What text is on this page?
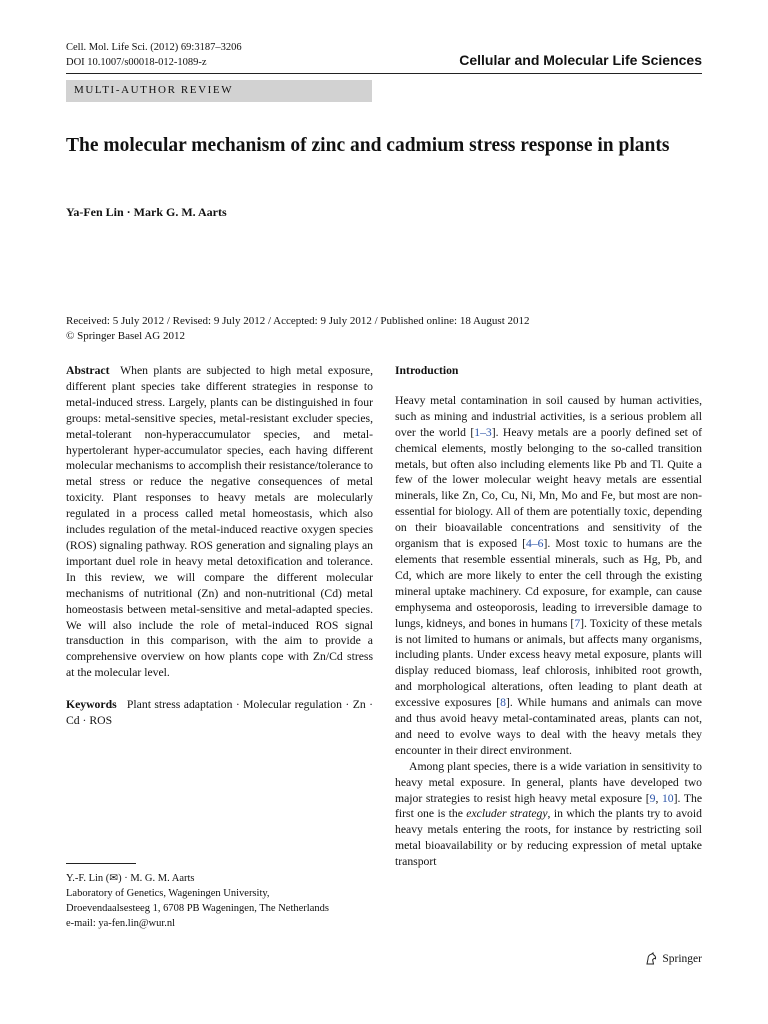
Cell. Mol. Life Sci. (2012) 69:3187–3206
DOI 10.1007/s00018-012-1089-z	Cellular and Molecular Life Sciences
MULTI-AUTHOR REVIEW
The molecular mechanism of zinc and cadmium stress response in plants
Ya-Fen Lin · Mark G. M. Aarts
Received: 5 July 2012 / Revised: 9 July 2012 / Accepted: 9 July 2012 / Published online: 18 August 2012
© Springer Basel AG 2012

Abstract When plants are subjected to high metal exposure, different plant species take different strategies in response to metal-induced stress. Largely, plants can be distinguished in four groups: metal-sensitive species, metal-resistant excluder species, metal-tolerant non-hyperaccumulator species, and metal-hypertolerant hyper-accumulator species, each having different molecular mechanisms to accomplish their resistance/tolerance to metal stress or reduce the negative consequences of metal toxicity. Plant responses to heavy metals are molecularly regulated in a process called metal homeostasis, which also includes regulation of the metal-induced reactive oxygen species (ROS) signaling pathway. ROS generation and signaling plays an important duel role in heavy metal detoxification and tolerance. In this review, we will compare the different molecular mechanisms of nutritional (Zn) and non-nutritional (Cd) metal homeostasis between metal-sensitive and metal-adapted species. We will also include the role of metal-induced ROS signal transduction in this comparison, with the aim to provide a comprehensive overview on how plants cope with Zn/Cd stress at the molecular level.

Keywords Plant stress adaptation · Molecular regulation · Zn · Cd · ROS

Y.-F. Lin (✉) · M. G. M. Aarts
Laboratory of Genetics, Wageningen University,
Droevendaalsesteeg 1, 6708 PB Wageningen, The Netherlands
e-mail: ya-fen.lin@wur.nl

Introduction

Heavy metal contamination in soil caused by human activities, such as mining and industrial activities, is a serious problem all over the world [1–3]. Heavy metals are a poorly defined set of chemical elements, mostly belonging to the so-called transition metals, but often also including elements like Pb and Tl. Quite a few of the lower molecular weight heavy metals are essential minerals, like Zn, Co, Cu, Ni, Mn, Mo and Fe, but most are non-essential for biology. All of them are potentially toxic, depending on their bioavailable concentrations and sensitivity of the organism that is exposed [4–6]. Most toxic to humans are the elements that resemble essential minerals, such as Hg, Pb, and Cd, which are more likely to enter the cell through the existing mineral uptake machinery. Cd exposure, for example, can cause emphysema and osteoporosis, leading to irreversible damage to lungs, kidneys, and bones in humans [7]. Toxicity of these metals is not limited to humans or animals, but affects many organisms, including plants. Under excess heavy metal exposure, plants will display reduced biomass, leaf chlorosis, inhibited root growth, and morphological alterations, often leading to plant death at excessive exposures [8]. While humans and animals can move and thus avoid heavy metal-contaminated areas, plants can not, and need to evolve ways to deal with the heavy metals they encounter in their direct environment.

Among plant species, there is a wide variation in sensitivity to heavy metal exposure. In general, plants have developed two major strategies to resist high heavy metal exposure [9, 10]. The first one is the excluder strategy, in which the plants try to avoid heavy metals entering the roots, for instance by restricting soil metal bioavailability or by reducing expression of metal uptake transport

Springer
